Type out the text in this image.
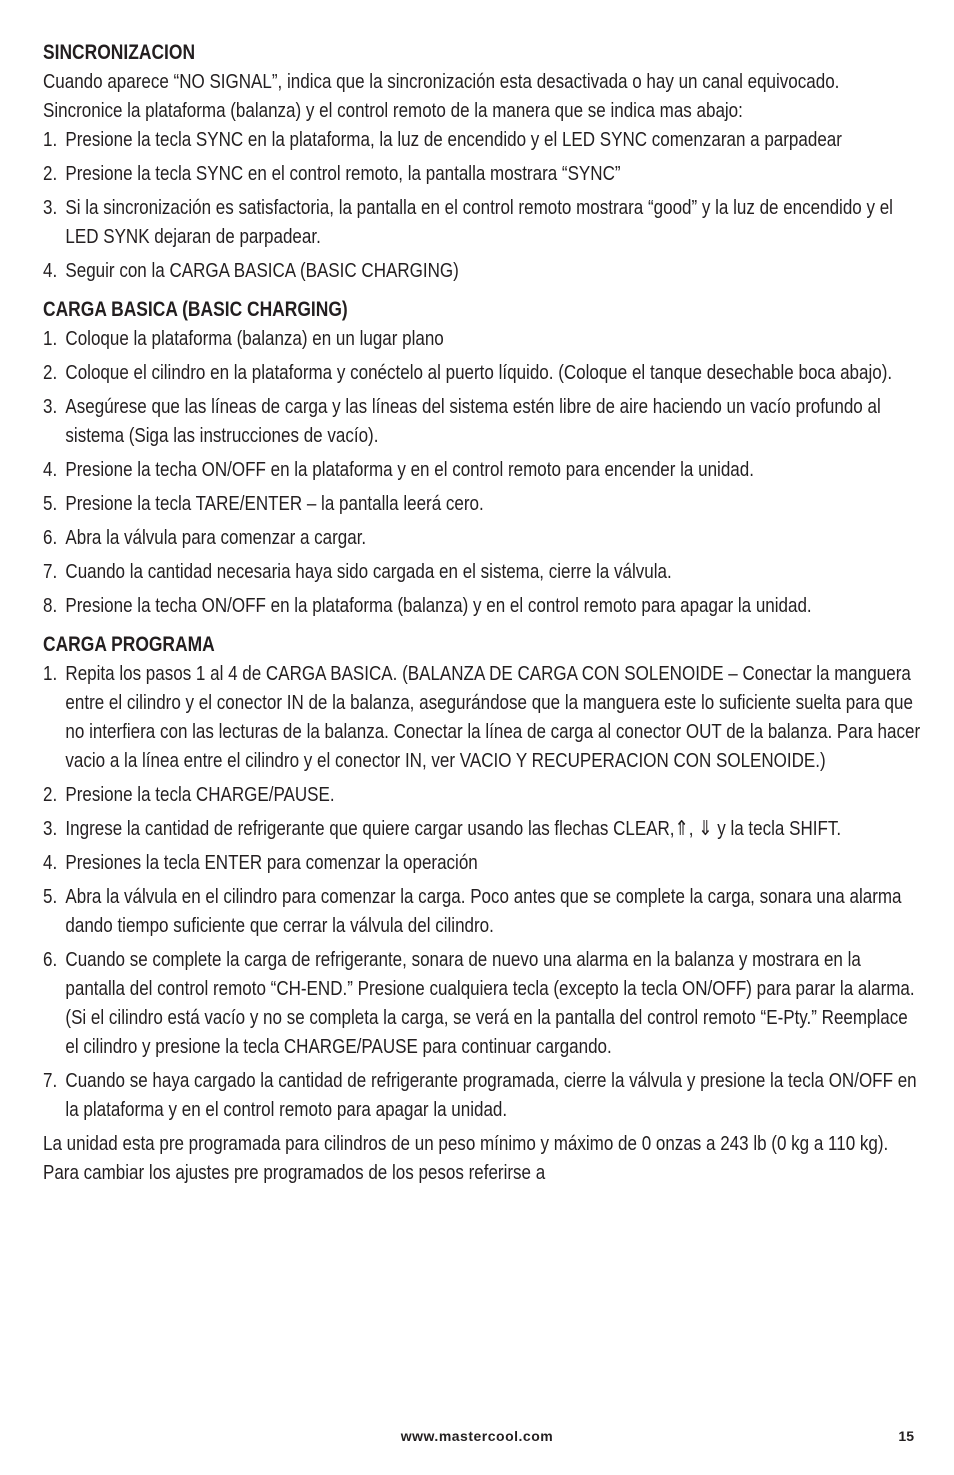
SINCRONIZACION

Cuando aparece “NO SIGNAL”, indica que la sincronización esta desactivada o hay un canal equivocado.

Sincronice la plataforma (balanza) y el control remoto de la manera que se indica mas abajo:

1. Presione la tecla SYNC en la plataforma, la luz de encendido y el LED SYNC comenzaran a parpadear
2. Presione la tecla SYNC en el control remoto, la pantalla mostrara “SYNC”
3. Si la sincronización es satisfactoria, la pantalla en el control remoto mostrara “good” y la luz de encendido y el LED SYNK dejaran de parpadear.
4. Seguir con la CARGA BASICA (BASIC CHARGING)
CARGA BASICA (BASIC CHARGING)
1. Coloque la plataforma (balanza) en un lugar plano
2. Coloque el cilindro en la plataforma y conéctelo al puerto líquido. (Coloque el tanque desechable boca abajo).
3. Asegúrese que las líneas de carga y las líneas del sistema estén libre de aire haciendo un vacío profundo al sistema (Siga las instrucciones de vacío).
4. Presione la techa ON/OFF en la plataforma y en el control remoto para encender la unidad.
5. Presione la tecla TARE/ENTER – la pantalla leerá cero.
6. Abra la válvula para comenzar a cargar.
7. Cuando la cantidad necesaria haya sido cargada en el sistema, cierre la válvula.
8. Presione la techa ON/OFF en la plataforma (balanza) y en el control remoto para apagar la unidad.
CARGA PROGRAMA
1. Repita los pasos 1 al 4 de CARGA BASICA. (BALANZA DE CARGA CON SOLENOIDE – Conectar la manguera entre el cilindro y el conector IN de la balanza, asegurándose que la manguera este lo suficiente suelta para que no interfiera con las lecturas de la balanza. Conectar la línea de carga al conector OUT de la balanza. Para hacer vacio a la línea entre el cilindro y el conector IN, ver VACIO Y RECUPERACION CON SOLENOIDE.)
2. Presione la tecla CHARGE/PAUSE.
3. Ingrese la cantidad de refrigerante que quiere cargar usando las flechas CLEAR,⇑, ⇓ y la tecla SHIFT.
4. Presiones la tecla ENTER para comenzar la operación
5. Abra la válvula en el cilindro para comenzar la carga. Poco antes que se complete la carga, sonara una alarma dando tiempo suficiente que cerrar la válvula del cilindro.
6. Cuando se complete la carga de refrigerante, sonara de nuevo una alarma en la balanza y mostrara en la pantalla del control remoto “CH-END.” Presione cualquiera tecla (excepto la tecla ON/OFF) para parar la alarma. (Si el cilindro está vacío y no se completa la carga, se verá en la pantalla del control remoto “E-Pty.” Reemplace el cilindro y presione la tecla CHARGE/PAUSE para continuar cargando.
7. Cuando se haya cargado la cantidad de refrigerante programada, cierre la válvula y presione la tecla ON/OFF en la plataforma y en el control remoto para apagar la unidad.

La unidad esta pre programada para cilindros de un peso mínimo y máximo de 0 onzas a 243 lb (0 kg a 110 kg). Para cambiar los ajustes pre programados de los pesos referirse a

www.mastercool.com	15
